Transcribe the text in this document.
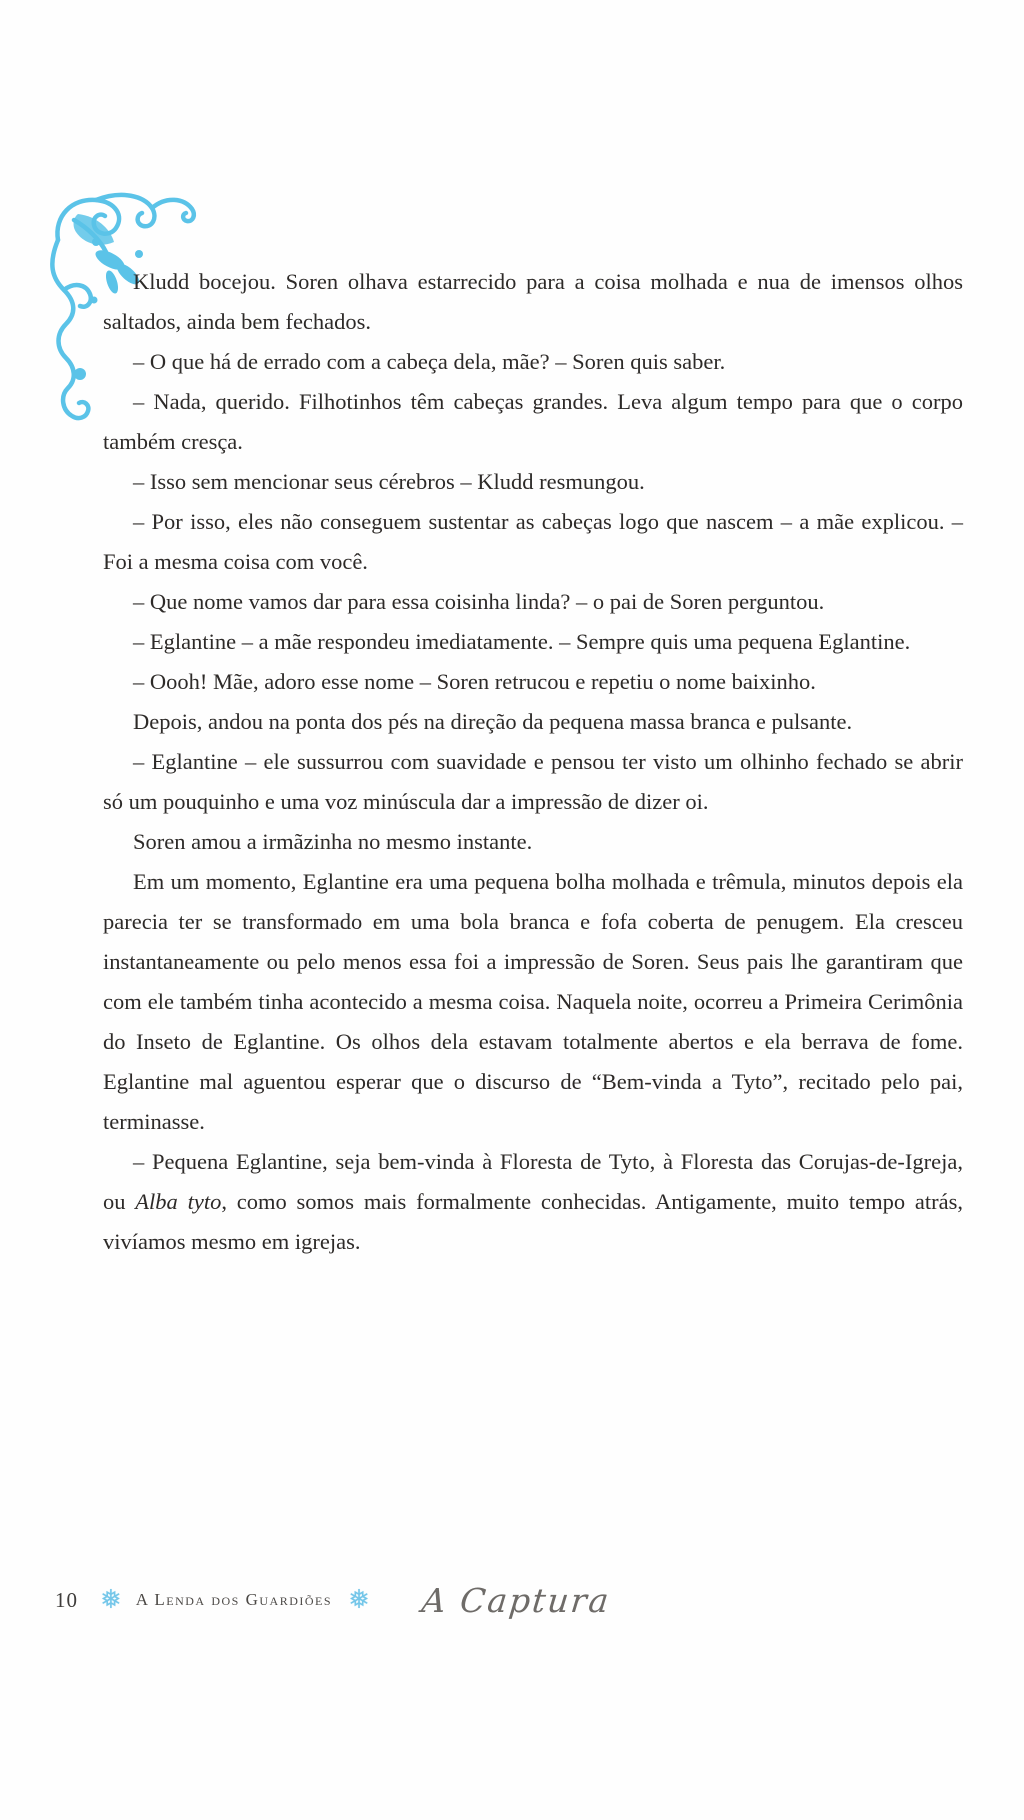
Kludd bocejou. Soren olhava estarrecido para a coisa molhada e nua de imensos olhos saltados, ainda bem fechados.

– O que há de errado com a cabeça dela, mãe? – Soren quis saber.

– Nada, querido. Filhotinhos têm cabeças grandes. Leva algum tempo para que o corpo também cresça.

– Isso sem mencionar seus cérebros – Kludd resmungou.

– Por isso, eles não conseguem sustentar as cabeças logo que nascem – a mãe explicou. – Foi a mesma coisa com você.

– Que nome vamos dar para essa coisinha linda? – o pai de Soren perguntou.

– Eglantine – a mãe respondeu imediatamente. – Sempre quis uma pequena Eglantine.

– Oooh! Mãe, adoro esse nome – Soren retrucou e repetiu o nome baixinho.

Depois, andou na ponta dos pés na direção da pequena massa branca e pulsante.

– Eglantine – ele sussurrou com suavidade e pensou ter visto um olhinho fechado se abrir só um pouquinho e uma voz minúscula dar a impressão de dizer oi.

Soren amou a irmãzinha no mesmo instante.

Em um momento, Eglantine era uma pequena bolha molhada e trêmula, minutos depois ela parecia ter se transformado em uma bola branca e fofa coberta de penugem. Ela cresceu instantaneamente ou pelo menos essa foi a impressão de Soren. Seus pais lhe garantiram que com ele também tinha acontecido a mesma coisa. Naquela noite, ocorreu a Primeira Cerimônia do Inseto de Eglantine. Os olhos dela estavam totalmente abertos e ela berrava de fome. Eglantine mal aguentou esperar que o discurso de “Bem-vinda a Tyto”, recitado pelo pai, terminasse.

– Pequena Eglantine, seja bem-vinda à Floresta de Tyto, à Floresta das Corujas-de-Igreja, ou Alba tyto, como somos mais formalmente conhecidas. Antigamente, muito tempo atrás, vivíamos mesmo em igrejas.

10 ❅ A Lenda dos Guardiões ❅ A Captura
